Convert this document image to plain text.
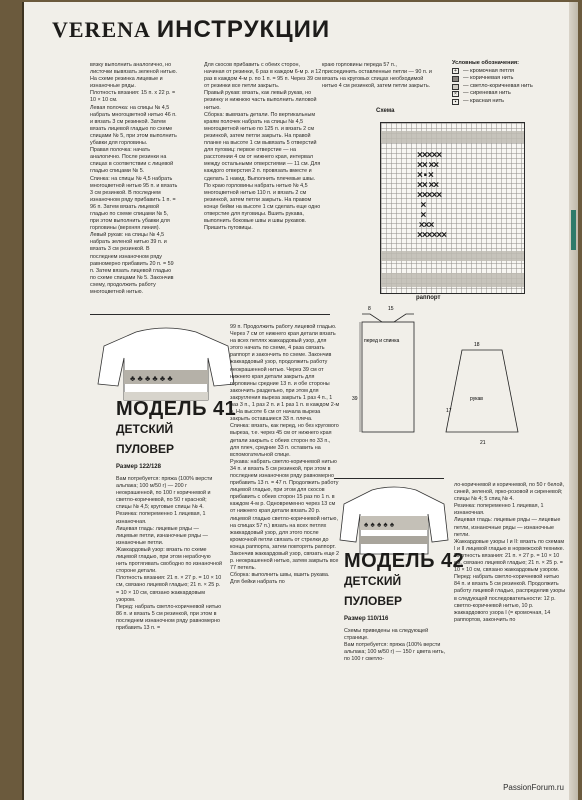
VERENA ИНСТРУКЦИИ
вязку выполнить аналогично, но листочки вывязать зеленой нитью. На схеме резинка лицевые и изнаночные ряды.
Плотность вязания: 15 п. х 22 р. = 10 × 10 см.
Левая полочка: на спицы № 4,5 набрать многоцветной нитью 46 п. и вязать 3 см резинкой. Затем вязать лицевой гладью по схеме спицами № 5, при этом выполнить убавки для горловины.
Правая полочка: начать аналогично. После резинки на спицах в соответствии с лицевой гладью спицами № 5.
Спинка: на спицы № 4,5 набрать многоцветной нитью 95 п. и вязать 3 см резинкой. В последнем изнаночном ряду прибавить 1 п. = 96 п. Затем вязать лицевой гладью по схеме спицами № 5, при этом выполнить убавки для горловины (верхняя линия).
Левый рукав: на спицы № 4,5 набрать зеленой нитью 39 п. и вязать 3 см резинкой. В последнем изнаночном ряду равномерно прибавить 20 п. = 59 п. Затем вязать лицевой гладью по схеме спицами № 5. Закончив схему, продолжить работу многоцветной нитью.
Для скосов прибавить с обеих сторон, начиная от резинки, 6 раз в каждом 6-м р. и 12 раз в каждом 4-м р. по 1 п. = 95 п. Через 39 см от резинки все петли закрыть.
Правый рукав: вязать, как левый рукав, но резинку и нижнюю часть выполнить лиловой нитью.
Сборка: вывязать детали. По вертикальным краям полочек набрать на спицы № 4,5 многоцветной нитью по 125 п. и вязать 2 см резинкой, затем петли закрыть. На правой планке на высоте 1 см вывязать 5 отверстий для пуговиц: первое отверстие — на расстоянии 4 см от нижнего края, интервал между остальными отверстиями — 11 см. Для каждого отверстия 2 п. провязать вместе и сделать 1 накид. Выполнить плечевые швы. По краю горловины набрать нитью № 4,5 многоцветной нитью 110 п. и вязать 2 см резинкой, затем петли закрыть. На правом конце бейки на высоте 1 см сделать еще одно отверстие для пуговицы. Вшить рукава, выполнить боковые швы и швы рукавов. Пришить пуговицы.
краю горловины переда 57 п., присоединить оставленные петли — 90 п. и вязать на круговых спицах необходимой нитью 4 см резинкой, затем петли закрыть.
Условные обозначения:
+	— кромочная петля
— коричневая нить
— светло-коричневая нить
×	— сиреневая нить
▪	— красная нить
Схема
×××××
×× ××
× ▪ ×
×× ××
×××××
×
×
×××
××××××
раппорт
перед и спинка
рукав
8	15
18
17
39
21
♣ ♣ ♣ ♣ ♣ ♣
МОДЕЛЬ 41
ДЕТСКИЙ
ПУЛОВЕР
Размер 122/128
Вам потребуется: пряжа (100% версти альпака; 100 м/50 г) — 200 г неокрашенной, по 100 г коричневой и светло-коричневой, по 50 г красной; спицы № 4,5; круговые спицы № 4.
Резинка: попеременно 1 лицевая, 1 изнаночная.
Лицевая гладь: лицевые ряды — лицевые петли, изнаночные ряды — изнаночные петли.
Жаккардовый узор: вязать по схеме лицевой гладью, при этом нерабочую нить протягивать свободно по изнаночной стороне детали.
Плотность вязания: 21 п. × 27 р. = 10 × 10 см, связано лицевой гладью; 21 п. × 25 р. = 10 × 10 см, связано жаккардовым узором.
Перед: набрать светло-коричневой нитью 86 п. и вязать 5 см резинкой, при этом в последнем изнаночном ряду равномерно прибавить 13 п. =
99 п. Продолжить работу лицевой гладью. Через 7 см от нижнего края детали вязать на всех петлях жаккардовый узор, для этого начать по схеме, 4 раза связать раппорт и закончить по схеме. Закончив жаккардовый узор, продолжить работу неокрашенной нитью. Через 39 см от нижнего края детали закрыть для горловины средние 13 п. и обе стороны закончить раздельно, при этом для закругления выреза закрыть 1 раз 4 п., 1 раз 3 п., 1 раз 2 п. и 1 раз 1 п. в каждом 2-м р. На высоте 6 см от начала выреза закрыть оставшиеся 33 п. плеча.
Спинка: вязать, как перед, но без кругового выреза, т.е. через 45 см от нижнего края детали закрыть с обеих сторон по 33 п., для плеч, средние 33 п. оставить на вспомогательной спице.
Рукава: набрать светло-коричневой нитью 34 п. и вязать 5 см резинкой, при этом в последнем изнаночном ряду равномерно прибавить 13 п. = 47 п. Продолжить работу лицевой гладью, при этом для скосов прибавить с обеих сторон 15 раз по 1 п. в каждом 4-м р. Одновременно через 13 см от нижнего края детали вязать 20 р. лицевой гладью светло-коричневой нитью, на спицах 57 п.) вязать на всех петлях жаккардовый узор, для этого после кромочной петли связать от стрелки до конца раппорта, затем повторять раппорт. Закончив жаккардовый узор, связать еще 2 р. неокрашенной нитью, затем закрыть все 77 петель.
Сборка: выполнить швы, вшить рукава. Для бейки набрать по
♠ ♠ ♠ ♠ ♠
МОДЕЛЬ 42
ДЕТСКИЙ
ПУЛОВЕР
Размер 110/116
Схемы приведены на следующей странице.
Вам потребуется: пряжа (100% версти альпака; 100 м/50 г) — 150 г цвета нить, по 100 г светло-
ло-коричневой и коричневой, по 50 г белой, синей, зеленой, ярко-розовой и сиреневой; спицы № 4; 5 спиц № 4.
Резинка: попеременно 1 лицевая, 1 изнаночная.
Лицевая гладь: лицевые ряды — лицевые петли, изнаночные ряды — изнаночные петли.
Жаккардовые узоры I и II: вязать по схемам I и II лицевой гладью в норвежской технике.
Плотность вязания: 21 п. × 27 р. = 10 × 10 см, связано лицевой гладью; 21 п. × 25 р. = 10 × 10 см, связано жаккардовым узором.
Перед: набрать светло-коричневой нитью 84 п. и вязать 5 см резинкой. Продолжить работу лицевой гладью, распределив узоры в следующей последовательности: 12 р. светло-коричневой нитью, 10 р. жаккардового узора I (= кромочная, 14 раппортов, закончить по
PassionForum.ru
